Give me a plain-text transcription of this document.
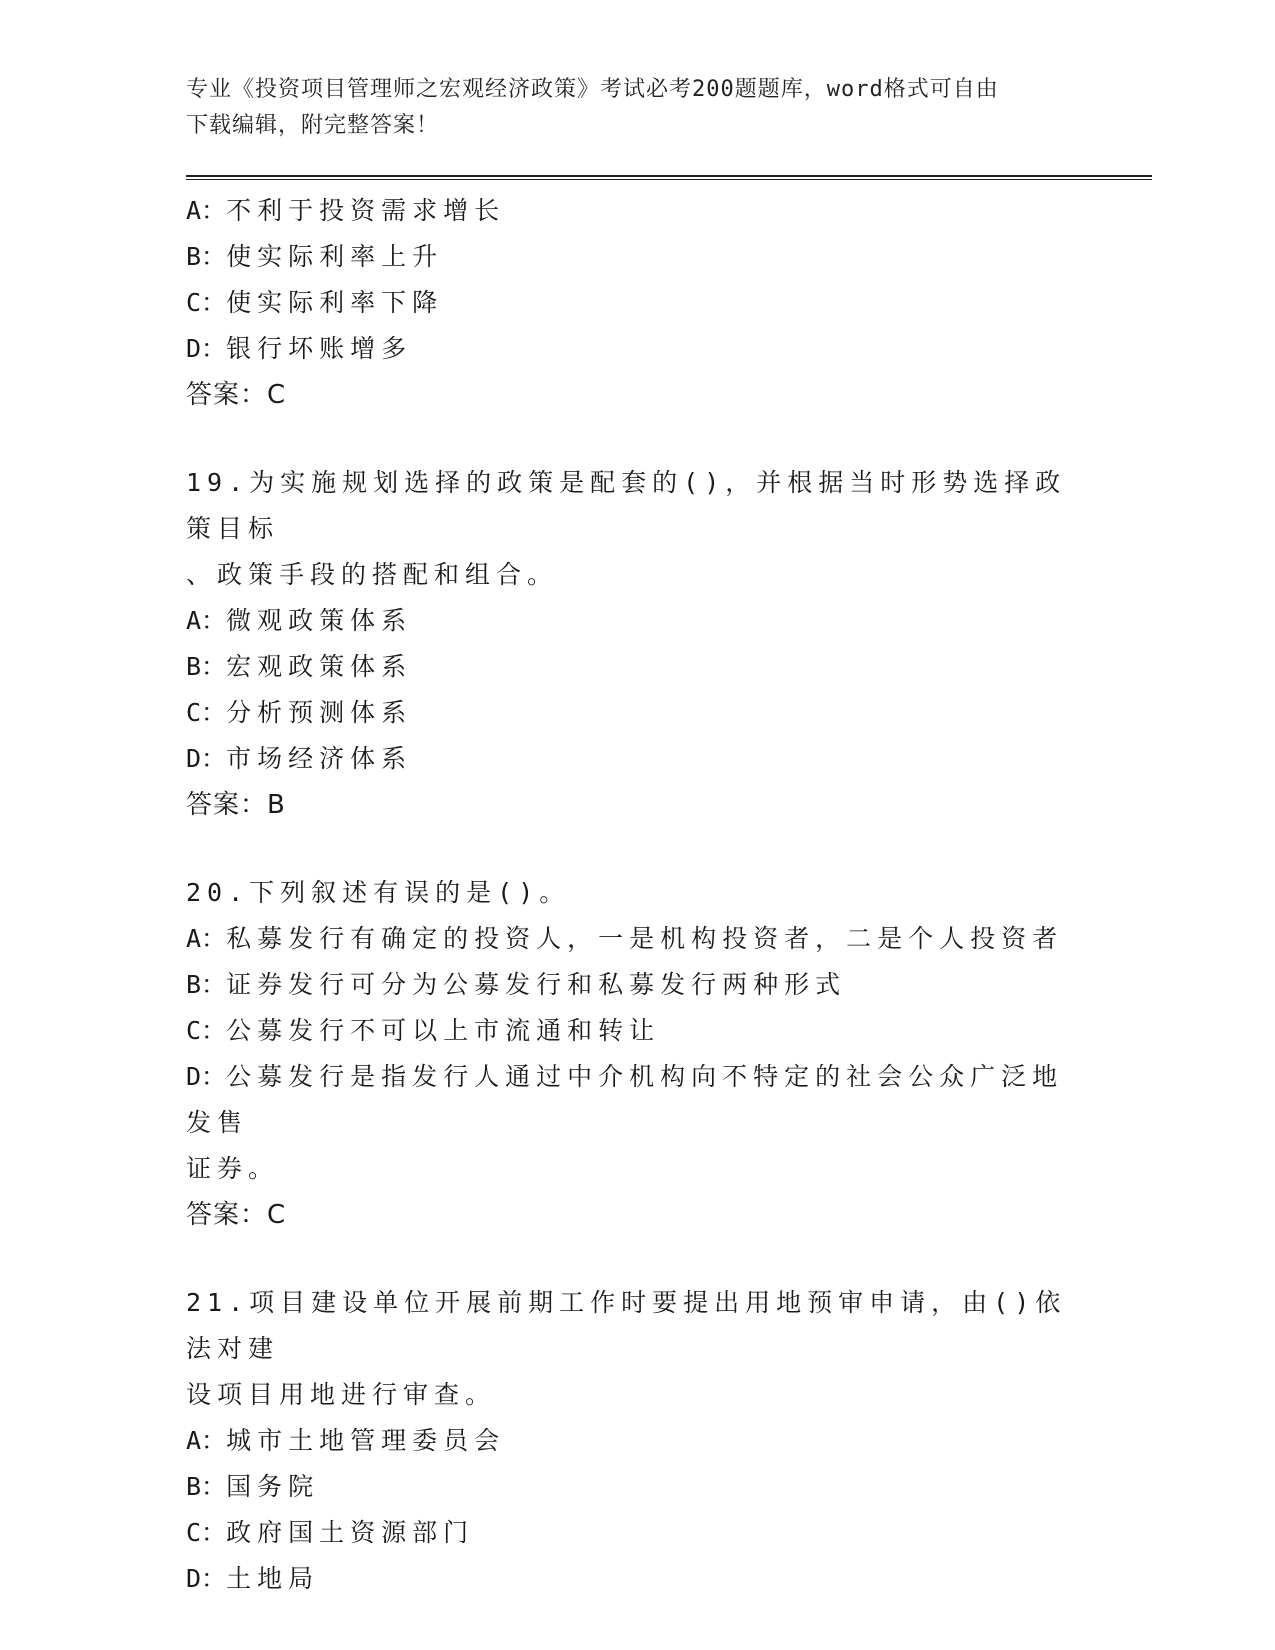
专业《投资项目管理师之宏观经济政策》考试必考200题题库，word格式可自由
下载编辑，附完整答案！
A：不利于投资需求增长
B：使实际利率上升
C：使实际利率下降
D：银行坏账增多
答案：C
19.为实施规划选择的政策是配套的()，并根据当时形势选择政策目标
、政策手段的搭配和组合。
A：微观政策体系
B：宏观政策体系
C：分析预测体系
D：市场经济体系
答案：B
20.下列叙述有误的是()。
A：私募发行有确定的投资人，一是机构投资者，二是个人投资者
B：证券发行可分为公募发行和私募发行两种形式
C：公募发行不可以上市流通和转让
D：公募发行是指发行人通过中介机构向不特定的社会公众广泛地发售
证券。
答案：C
21.项目建设单位开展前期工作时要提出用地预审申请，由()依法对建
设项目用地进行审查。
A：城市土地管理委员会
B：国务院
C：政府国土资源部门
D：土地局
